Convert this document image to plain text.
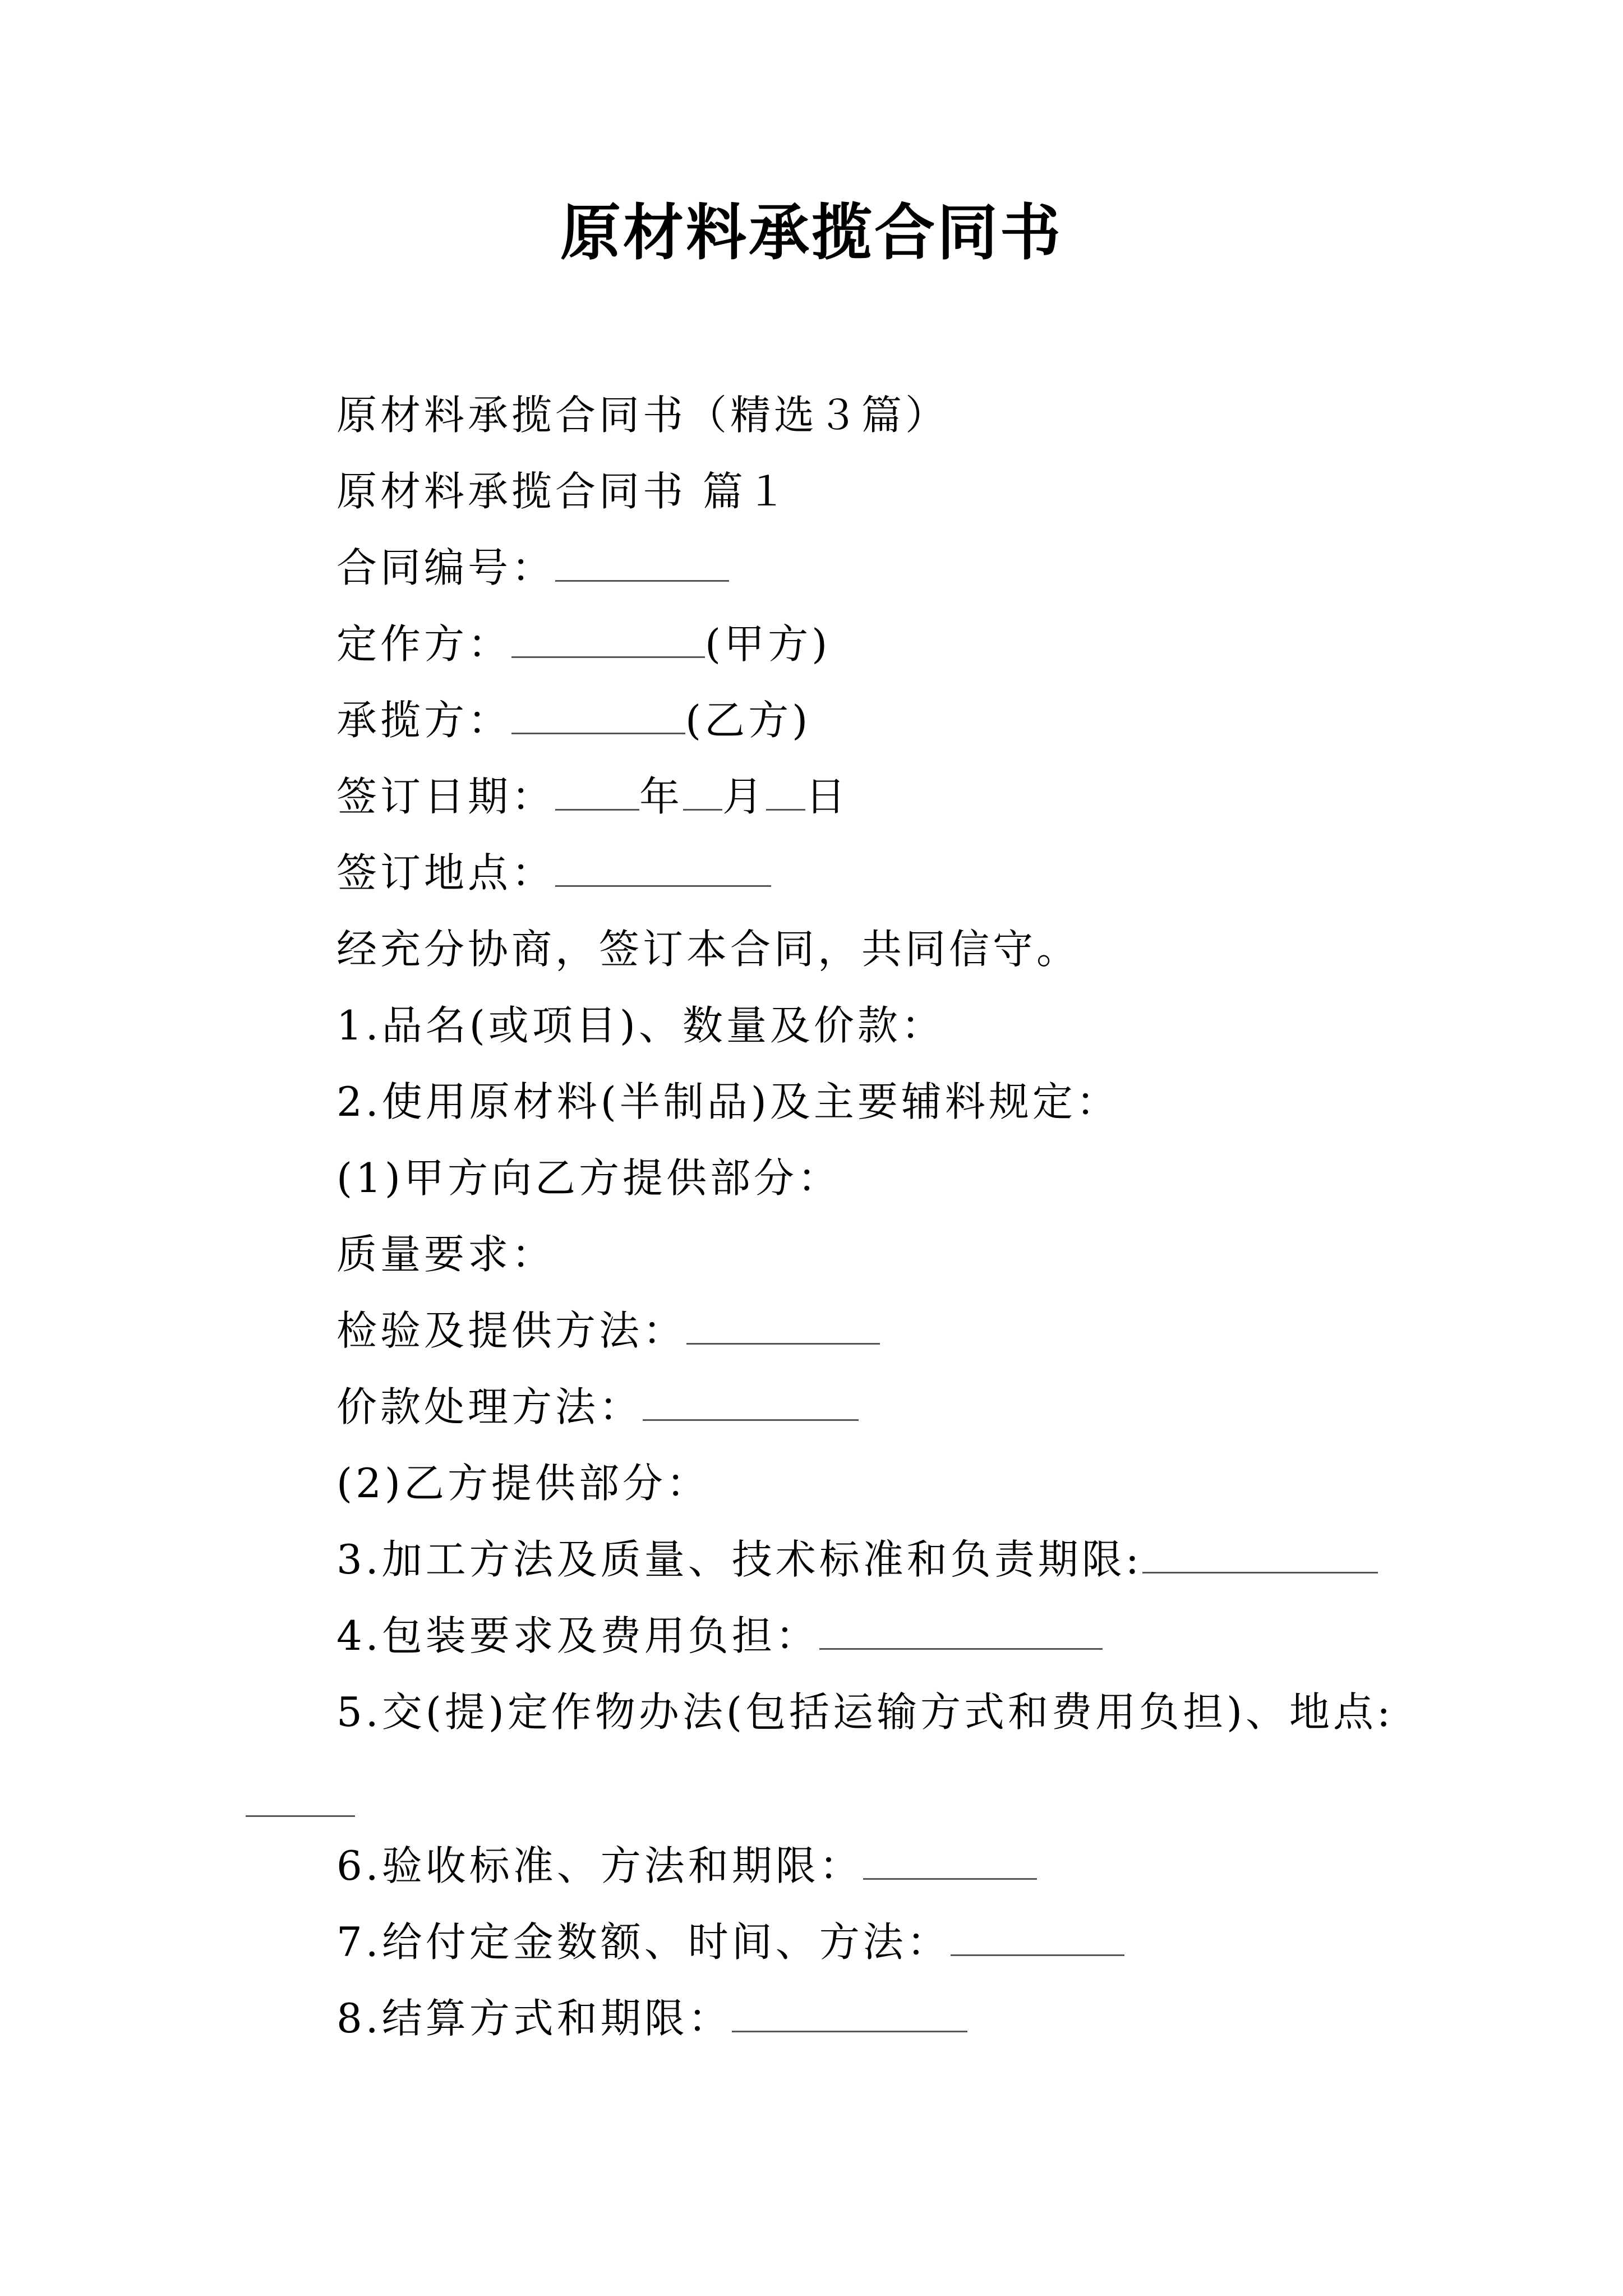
原材料承揽合同书
原材料承揽合同书（精选３篇）
原材料承揽合同书 篇１
合同编号：
定作方：	(甲方)
承揽方：	(乙方)
签订日期： 年 月 日
签订地点：
经充分协商，签订本合同，共同信守。
1.品名(或项目)、数量及价款：
2.使用原材料(半制品)及主要辅料规定：
(1)甲方向乙方提供部分：
质量要求：
检验及提供方法：
价款处理方法：
(2)乙方提供部分：
3.加工方法及质量、技术标准和负责期限:
4.包装要求及费用负担：
5.交(提)定作物办法(包括运输方式和费用负担)、地点:
6.验收标准、方法和期限：
7.给付定金数额、时间、方法：
8.结算方式和期限：
